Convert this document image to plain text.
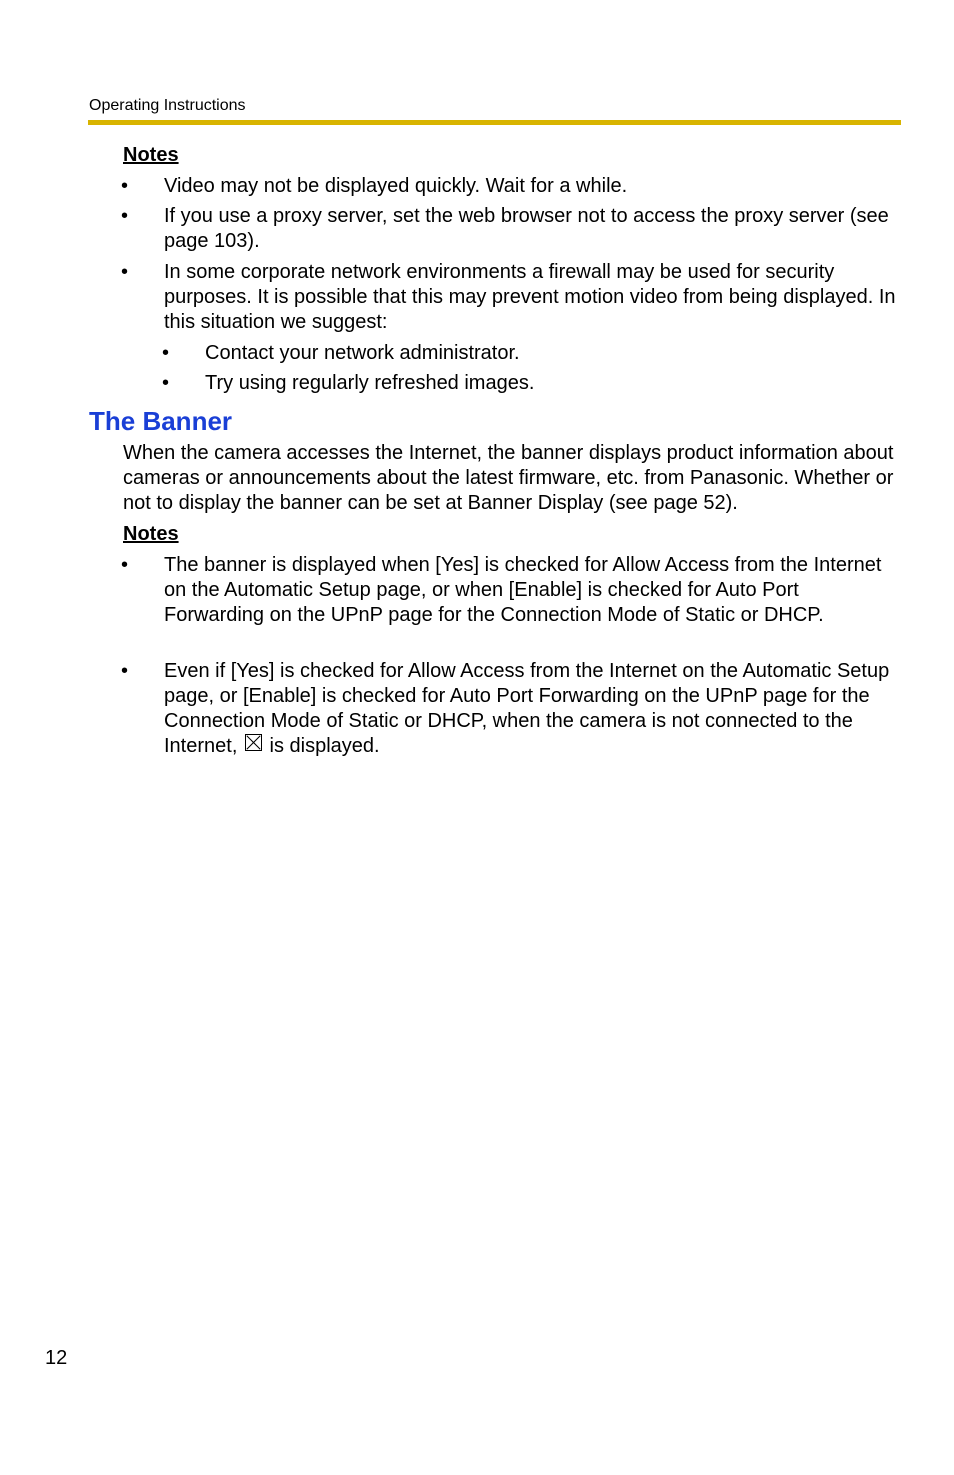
Operating Instructions
Notes
• Video may not be displayed quickly. Wait for a while.
• If you use a proxy server, set the web browser not to access the proxy server (see page 103).
• In some corporate network environments a firewall may be used for security purposes. It is possible that this may prevent motion video from being displayed. In this situation we suggest:
• Contact your network administrator.
• Try using regularly refreshed images.
The Banner
When the camera accesses the Internet, the banner displays product information about cameras or announcements about the latest firmware, etc. from Panasonic. Whether or not to display the banner can be set at Banner Display (see page 52).
Notes
• The banner is displayed when [Yes] is checked for Allow Access from the Internet on the Automatic Setup page, or when [Enable] is checked for Auto Port Forwarding on the UPnP page for the Connection Mode of Static or DHCP.
• Even if [Yes] is checked for Allow Access from the Internet on the Automatic Setup page, or [Enable] is checked for Auto Port Forwarding on the UPnP page for the Connection Mode of Static or DHCP, when the camera is not connected to the Internet, is displayed.
12
